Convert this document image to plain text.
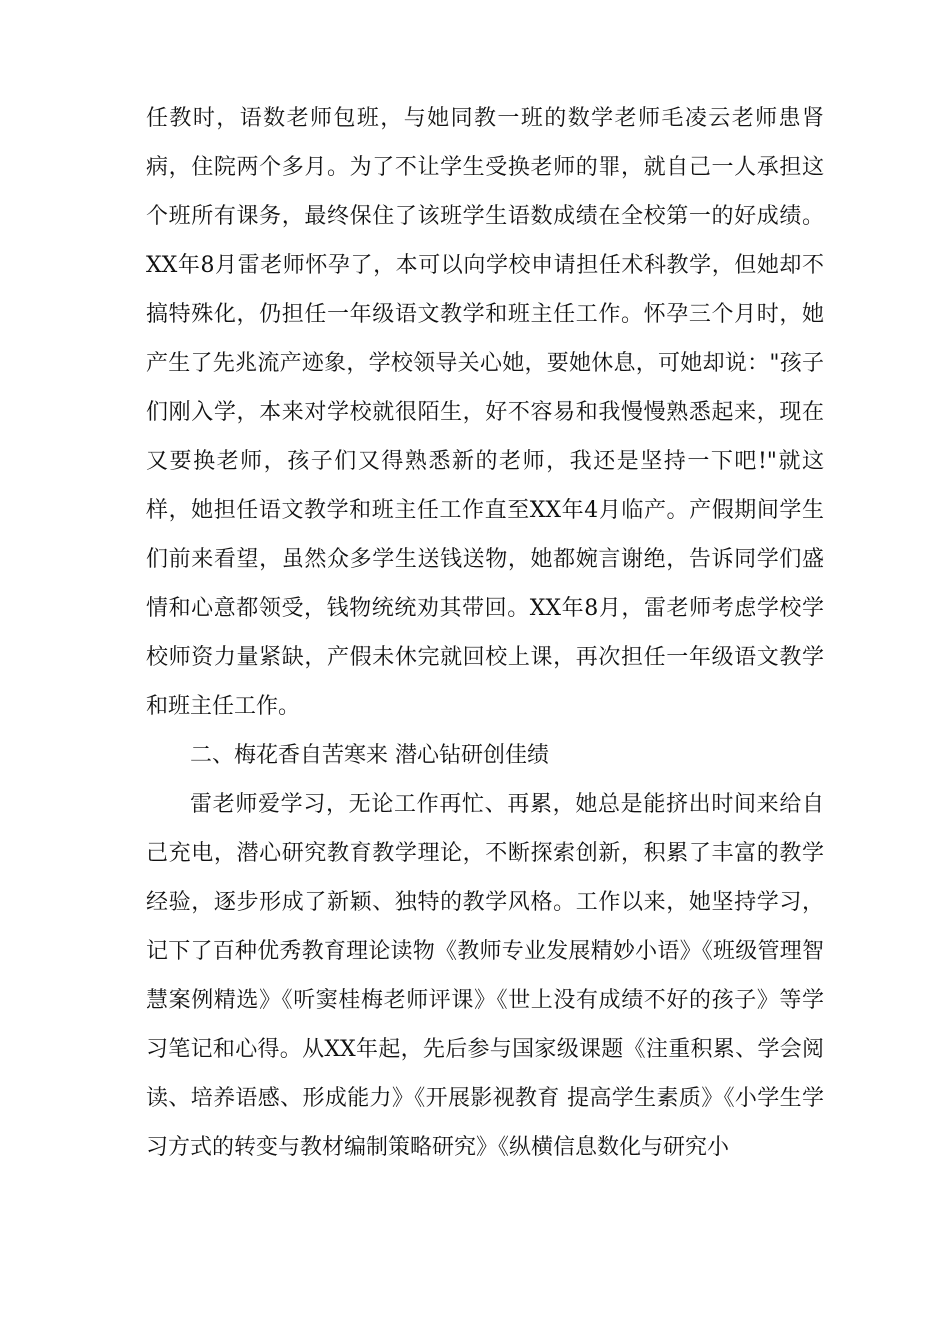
任教时，语数老师包班，与她同教一班的数学老师毛凌云老师患肾病，住院两个多月。为了不让学生受换老师的罪，就自己一人承担这个班所有课务，最终保住了该班学生语数成绩在全校第一的好成绩。 XX年8月雷老师怀孕了，本可以向学校申请担任术科教学，但她却不搞特殊化，仍担任一年级语文教学和班主任工作。怀孕三个月时，她产生了先兆流产迹象，学校领导关心她，要她休息，可她却说："孩子们刚入学，本来对学校就很陌生，好不容易和我慢慢熟悉起来，现在又要换老师，孩子们又得熟悉新的老师，我还是坚持一下吧!"就这样，她担任语文教学和班主任工作直至XX年4月临产。产假期间学生们前来看望，虽然众多学生送钱送物，她都婉言谢绝，告诉同学们盛情和心意都领受，钱物统统劝其带回。XX年8月，雷老师考虑学校学校师资力量紧缺，产假未休完就回校上课，再次担任一年级语文教学和班主任工作。

二、梅花香自苦寒来 潜心钻研创佳绩

雷老师爱学习，无论工作再忙、再累，她总是能挤出时间来给自己充电，潜心研究教育教学理论，不断探索创新，积累了丰富的教学经验，逐步形成了新颖、独特的教学风格。工作以来，她坚持学习，记下了百种优秀教育理论读物《教师专业发展精妙小语》《班级管理智慧案例精选》《听窦桂梅老师评课》《世上没有成绩不好的孩子》等学习笔记和心得。从XX年起，先后参与国家级课题《注重积累、学会阅读、培养语感、形成能力》《开展影视教育 提高学生素质》《小学生学习方式的转变与教材编制策略研究》《纵横信息数化与研究小
